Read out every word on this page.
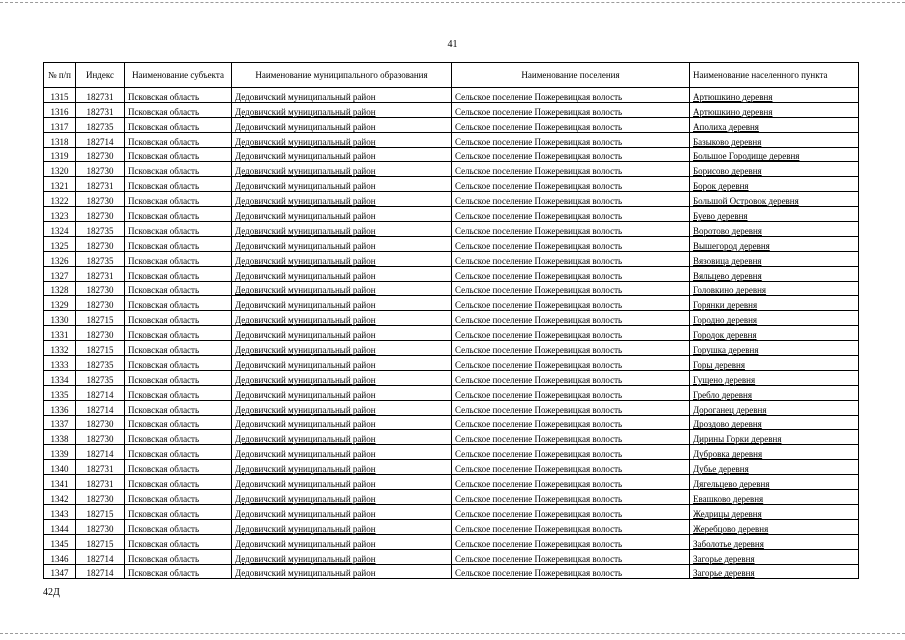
41
№ п/п	Индекс	Наименование субъекта	Наименование муниципального образования	Наименование поселения	Наименование населенного пункта
1315	182731	Псковская область	Дедовичский муниципальный район	Сельское поселение Пожеревицкая волость	Артюшкино деревня
1316	182731	Псковская область	Дедовичский муниципальный район	Сельское поселение Пожеревицкая волость	Артюшкино деревня
1317	182735	Псковская область	Дедовичский муниципальный район	Сельское поселение Пожеревицкая волость	Аполиха деревня
1318	182714	Псковская область	Дедовичский муниципальный район	Сельское поселение Пожеревицкая волость	Базыково деревня
1319	182730	Псковская область	Дедовичский муниципальный район	Сельское поселение Пожеревицкая волость	Большое Городище деревня
1320	182730	Псковская область	Дедовичский муниципальный район	Сельское поселение Пожеревицкая волость	Борисово деревня
1321	182731	Псковская область	Дедовичский муниципальный район	Сельское поселение Пожеревицкая волость	Борок деревня
1322	182730	Псковская область	Дедовичский муниципальный район	Сельское поселение Пожеревицкая волость	Большой Островок деревня
1323	182730	Псковская область	Дедовичский муниципальный район	Сельское поселение Пожеревицкая волость	Буево деревня
1324	182735	Псковская область	Дедовичский муниципальный район	Сельское поселение Пожеревицкая волость	Воротово деревня
1325	182730	Псковская область	Дедовичский муниципальный район	Сельское поселение Пожеревицкая волость	Вышегород деревня
1326	182735	Псковская область	Дедовичский муниципальный район	Сельское поселение Пожеревицкая волость	Вязовица деревня
1327	182731	Псковская область	Дедовичский муниципальный район	Сельское поселение Пожеревицкая волость	Вяльцево деревня
1328	182730	Псковская область	Дедовичский муниципальный район	Сельское поселение Пожеревицкая волость	Головкино деревня
1329	182730	Псковская область	Дедовичский муниципальный район	Сельское поселение Пожеревицкая волость	Горянки деревня
1330	182715	Псковская область	Дедовичский муниципальный район	Сельское поселение Пожеревицкая волость	Городно деревня
1331	182730	Псковская область	Дедовичский муниципальный район	Сельское поселение Пожеревицкая волость	Городок деревня
1332	182715	Псковская область	Дедовичский муниципальный район	Сельское поселение Пожеревицкая волость	Горушка деревня
1333	182735	Псковская область	Дедовичский муниципальный район	Сельское поселение Пожеревицкая волость	Горы деревня
1334	182735	Псковская область	Дедовичский муниципальный район	Сельское поселение Пожеревицкая волость	Гущено деревня
1335	182714	Псковская область	Дедовичский муниципальный район	Сельское поселение Пожеревицкая волость	Гребло деревня
1336	182714	Псковская область	Дедовичский муниципальный район	Сельское поселение Пожеревицкая волость	Дороганец деревня
1337	182730	Псковская область	Дедовичский муниципальный район	Сельское поселение Пожеревицкая волость	Дроздово деревня
1338	182730	Псковская область	Дедовичский муниципальный район	Сельское поселение Пожеревицкая волость	Дирины Горки деревня
1339	182714	Псковская область	Дедовичский муниципальный район	Сельское поселение Пожеревицкая волость	Дубровка деревня
1340	182731	Псковская область	Дедовичский муниципальный район	Сельское поселение Пожеревицкая волость	Дубье деревня
1341	182731	Псковская область	Дедовичский муниципальный район	Сельское поселение Пожеревицкая волость	Дягельцево деревня
1342	182730	Псковская область	Дедовичский муниципальный район	Сельское поселение Пожеревицкая волость	Евашково деревня
1343	182715	Псковская область	Дедовичский муниципальный район	Сельское поселение Пожеревицкая волость	Жедрицы деревня
1344	182730	Псковская область	Дедовичский муниципальный район	Сельское поселение Пожеревицкая волость	Жеребцово деревня
1345	182715	Псковская область	Дедовичский муниципальный район	Сельское поселение Пожеревицкая волость	Заболотье деревня
1346	182714	Псковская область	Дедовичский муниципальный район	Сельское поселение Пожеревицкая волость	Загорье деревня
1347	182714	Псковская область	Дедовичский муниципальный район	Сельское поселение Пожеревицкая волость	Загорье деревня
42Д
